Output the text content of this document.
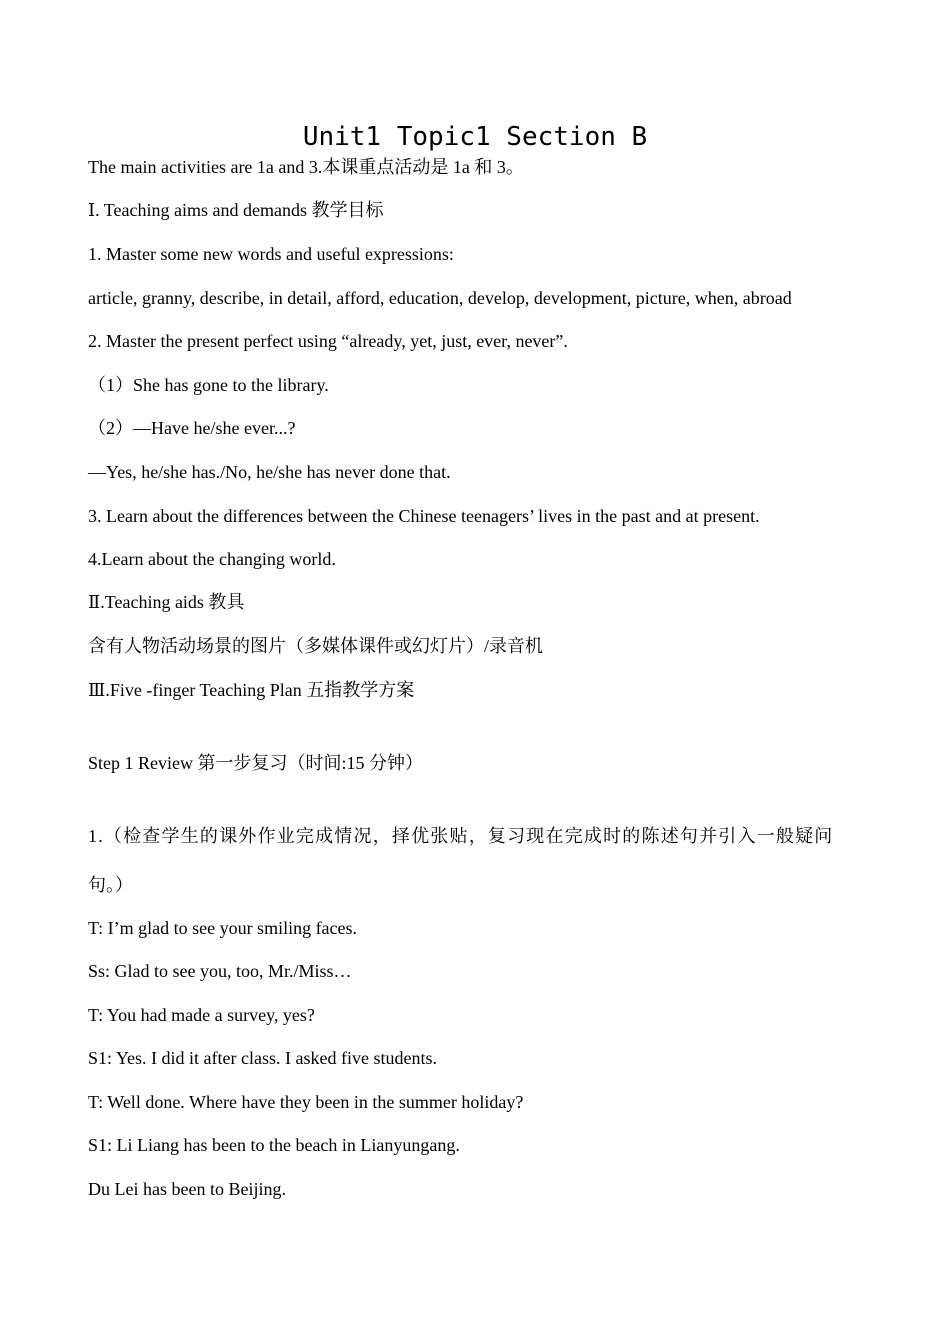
Unit1 Topic1 Section B
The main activities are 1a and 3.本课重点活动是 1a 和 3。
Ⅰ. Teaching aims and demands 教学目标
1. Master some new words and useful expressions:
article, granny, describe, in detail, afford, education, develop, development, picture, when, abroad
2. Master the present perfect using “already, yet, just, ever, never”.
（1）She has gone to the library.
（2）—Have he/she ever...?
—Yes, he/she has./No, he/she has never done that.
3. Learn about the differences between the Chinese teenagers’ lives in the past and at present.
4.Learn about the changing world.
Ⅱ.Teaching aids 教具
含有人物活动场景的图片（多媒体课件或幻灯片）/录音机
Ⅲ.Five -finger Teaching Plan 五指教学方案
Step 1 Review 第一步复习（时间:15 分钟）
1.（检查学生的课外作业完成情况，择优张贴，复习现在完成时的陈述句并引入一般疑问
句。）
T: I’m glad to see your smiling faces.
Ss: Glad to see you, too, Mr./Miss…
T: You had made a survey, yes?
S1: Yes. I did it after class. I asked five students.
T: Well done. Where have they been in the summer holiday?
S1: Li Liang has been to the beach in Lianyungang.
Du Lei has been to Beijing.
